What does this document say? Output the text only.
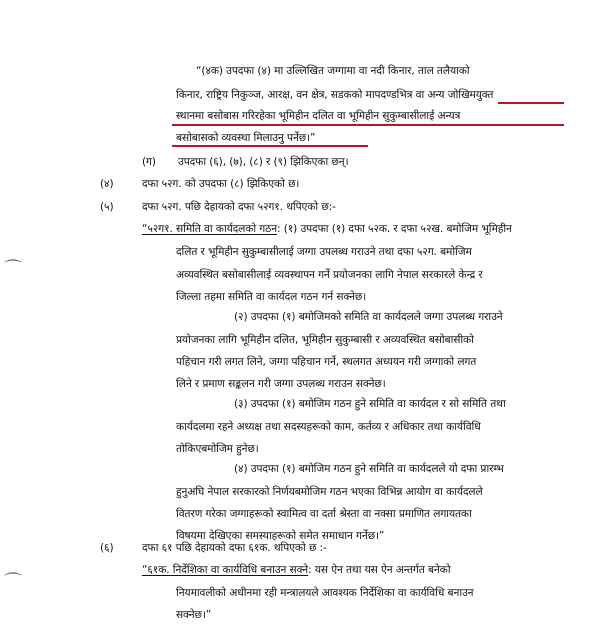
“(४क) उपदफा (४) मा उल्लिखित जग्गामा वा नदी किनार, ताल तलैयाको
किनार, राष्ट्रिय निकुञ्ज, आरक्ष, वन क्षेत्र, सडकको मापदण्डभित्र वा अन्य जोखिमयुक्त
स्थानमा बसोबास गरिरहेका भूमिहीन दलित वा भूमिहीन सुकुम्बासीलाई अन्यत्र
बसोबासको व्यवस्था मिलाउनु पर्नेछ।”
(ग) उपदफा (६), (७), (८) र (९) झिकिएका छन्।
(४)	दफा ५२ग. को उपदफा (८) झिकिएको छ।
(५)	दफा ५२ग. पछि देहायको दफा ५२ग१. थपिएको छ:-
“५२ग१. समिति वा कार्यदलको गठन: (१) उपदफा (१) दफा ५२क. र दफा ५२ख. बमोजिम भूमिहीन
दलित र भूमिहीन सुकुम्बासीलाई जग्गा उपलब्ध गराउने तथा दफा ५२ग. बमोजिम
अव्यवस्थित बसोबासीलाई व्यवस्थापन गर्ने प्रयोजनका लागि नेपाल सरकारले केन्द्र र
जिल्ला तहमा समिति वा कार्यदल गठन गर्न सक्नेछ।
(२) उपदफा (१) बमोजिमको समिति वा कार्यदलले जग्गा उपलब्ध गराउने
प्रयोजनका लागि भूमिहीन दलित, भूमिहीन सुकुम्बासी र अव्यवस्थित बसोबासीको
पहिचान गरी लगत लिने, जग्गा पहिचान गर्ने, स्थलगत अध्ययन गरी जग्गाको लगत
लिने र प्रमाण सङ्कलन गरी जग्गा उपलब्ध गराउन सक्नेछ।
(३) उपदफा (१) बमोजिम गठन हुने समिति वा कार्यदल र सो समिति तथा
कार्यदलमा रहने अध्यक्ष तथा सदस्यहरूको काम, कर्तव्य र अधिकार तथा कार्यविधि
तोकिएबमोजिम हुनेछ।
(४) उपदफा (१) बमोजिम गठन हुने समिति वा कार्यदलले यो दफा प्रारम्भ
हुनुअघि नेपाल सरकारको निर्णयबमोजिम गठन भएका विभिन्न आयोग वा कार्यदलले
वितरण गरेका जग्गाहरूको स्वामित्व वा दर्ता श्रेस्ता वा नक्सा प्रमाणित लगायतका
विषयमा देखिएका समस्याहरूको समेत समाधान गर्नेछ।”
(६)	दफा ६१ पछि देहायको दफा ६१क. थपिएको छ :-
“६१क. निर्देशिका वा कार्यविधि बनाउन सक्ने: यस ऐन तथा यस ऐन अन्तर्गत बनेको
नियमावलीको अधीनमा रही मन्त्रालयले आवश्यक निर्देशिका वा कार्यविधि बनाउन
सक्नेछ।”
⌒
⌒
